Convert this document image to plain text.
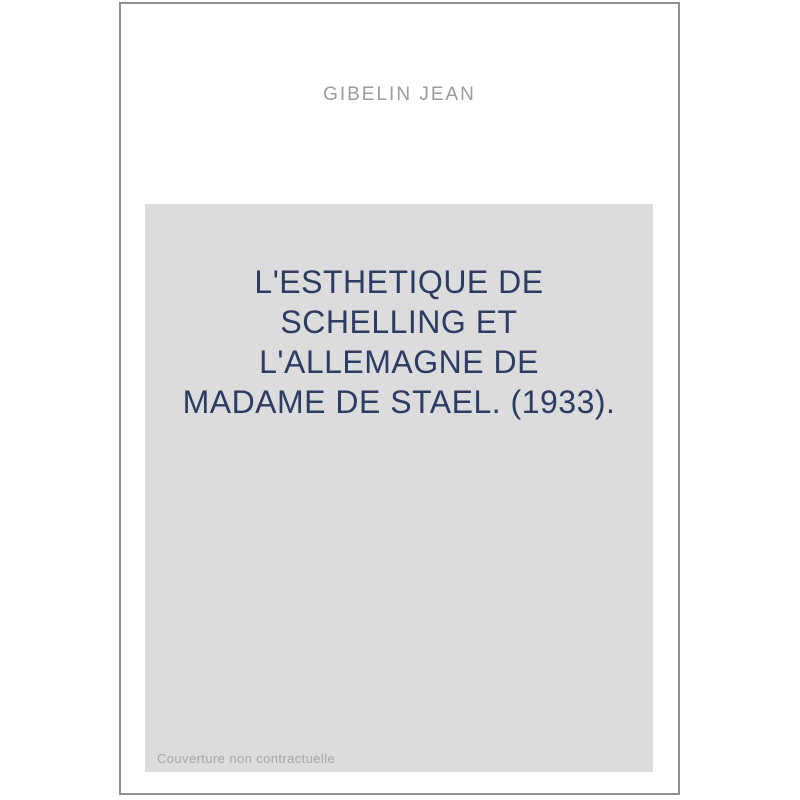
GIBELIN JEAN
L'ESTHETIQUE DE
SCHELLING ET
L'ALLEMAGNE DE
MADAME DE STAEL. (1933).
Couverture non contractuelle
